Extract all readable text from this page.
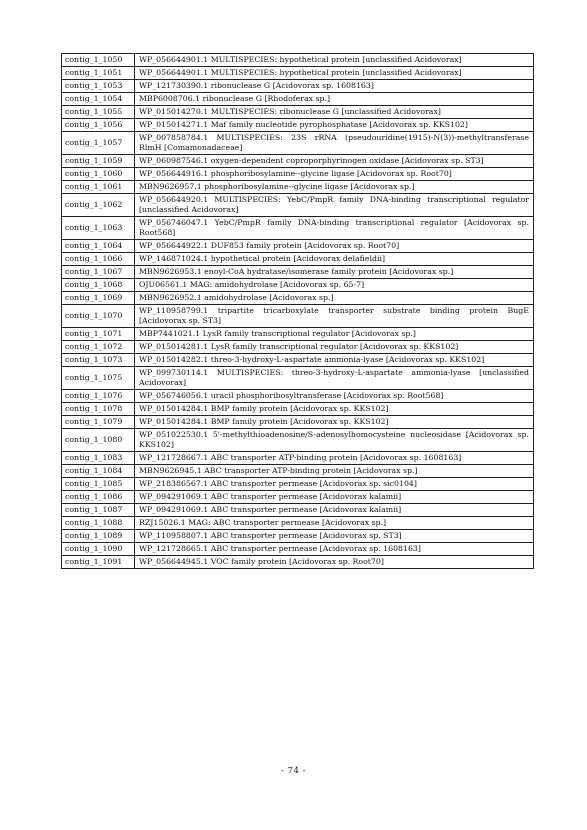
contig_1_1050	WP_056644901.1 MULTISPECIES: hypothetical protein [unclassified Acidovorax]
contig_1_1051	WP_056644901.1 MULTISPECIES: hypothetical protein [unclassified Acidovorax]
contig_1_1053	WP_121730390.1 ribonuclease G [Acidovorax sp. 1608163]
contig_1_1054	MBP6008706.1 ribonuclease G [Rhodoferax sp.]
contig_1_1055	WP_015014270.1 MULTISPECIES: ribonuclease G [unclassified Acidovorax]
contig_1_1056	WP_015014271.1 Maf family nucleotide pyrophosphatase [Acidovorax sp. KKS102]
contig_1_1057	WP_007858784.1 MULTISPECIES: 23S rRNA (pseudouridine(1915)-N(3))-methyltransferase RlmH [Comamonadaceae]
contig_1_1059	WP_060987546.1 oxygen-dependent coproporphyrinogen oxidase [Acidovorax sp. ST3]
contig_1_1060	WP_056644916.1 phosphoribosylamine--glycine ligase [Acidovorax sp. Root70]
contig_1_1061	MBN9626957.1 phosphoribosylamine--glycine ligase [Acidovorax sp.]
contig_1_1062	WP_056644920.1 MULTISPECIES: YebC/PmpR family DNA-binding transcriptional regulator [unclassified Acidovorax]
contig_1_1063	WP_056746047.1 YebC/PmpR family DNA-binding transcriptional regulator [Acidovorax sp. Root568]
contig_1_1064	WP_056644922.1 DUF853 family protein [Acidovorax sp. Root70]
contig_1_1066	WP_146871024.1 hypothetical protein [Acidovorax delafieldii]
contig_1_1067	MBN9626953.1 enoyl-CoA hydratase/isomerase family protein [Acidovorax sp.]
contig_1_1068	OJU06561.1 MAG: amidohydrolase [Acidovorax sp. 65-7]
contig_1_1069	MBN9626952.1 amidohydrolase [Acidovorax sp.]
contig_1_1070	WP_110958799.1 tripartite tricarboxylate transporter substrate binding protein BugE [Acidovorax sp. ST3]
contig_1_1071	MBP7441021.1 LysR family transcriptional regulator [Acidovorax sp.]
contig_1_1072	WP_015014281.1 LysR family transcriptional regulator [Acidovorax sp. KKS102]
contig_1_1073	WP_015014282.1 threo-3-hydroxy-L-aspartate ammonia-lyase [Acidovorax sp. KKS102]
contig_1_1075	WP_099730114.1 MULTISPECIES: threo-3-hydroxy-L-aspartate ammonia-lyase [unclassified Acidovorax]
contig_1_1076	WP_056746056.1 uracil phosphoribosyltransferase [Acidovorax sp. Root568]
contig_1_1078	WP_015014284.1 BMP family protein [Acidovorax sp. KKS102]
contig_1_1079	WP_015014284.1 BMP family protein [Acidovorax sp. KKS102]
contig_1_1080	WP_051022530.1 5'-methylthioadenosine/S-adenosylhomocysteine nucleosidase [Acidovorax sp. KKS102]
contig_1_1083	WP_121728667.1 ABC transporter ATP-binding protein [Acidovorax sp. 1608163]
contig_1_1084	MBN9626945.1 ABC transporter ATP-binding protein [Acidovorax sp.]
contig_1_1085	WP_218386567.1 ABC transporter permease [Acidovorax sp. sic0104]
contig_1_1086	WP_094291069.1 ABC transporter permease [Acidovorax kalamii]
contig_1_1087	WP_094291069.1 ABC transporter permease [Acidovorax kalamii]
contig_1_1088	RZJ15026.1 MAG: ABC transporter permease [Acidovorax sp.]
contig_1_1089	WP_110958807.1 ABC transporter permease [Acidovorax sp. ST3]
contig_1_1090	WP_121728665.1 ABC transporter permease [Acidovorax sp. 1608163]
contig_1_1091	WP_056644945.1 VOC family protein [Acidovorax sp. Root70]
- 74 -
